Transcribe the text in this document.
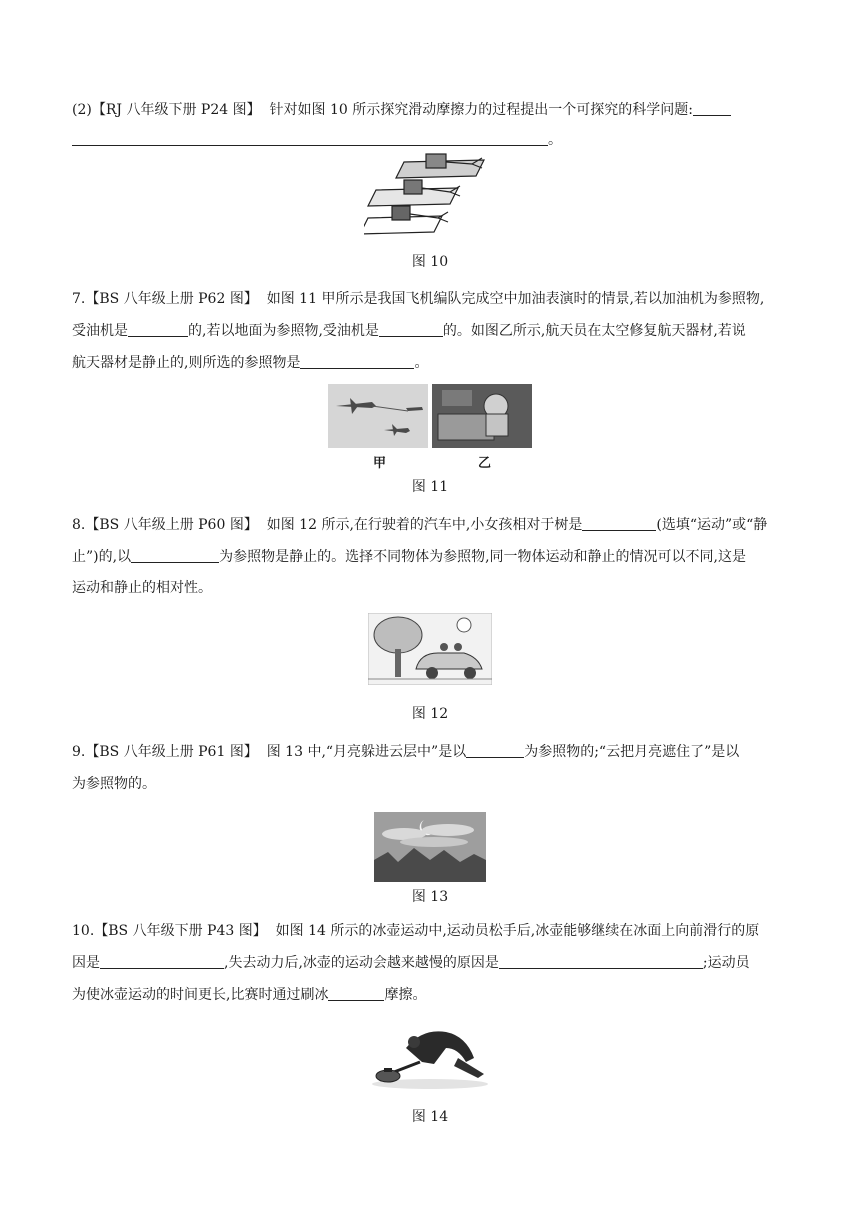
(2)【RJ 八年级下册 P24 图】 针对如图 10 所示探究滑动摩擦力的过程提出一个可探究的科学问题:
。
图 10
7.【BS 八年级上册 P62 图】 如图 11 甲所示是我国飞机编队完成空中加油表演时的情景,若以加油机为参照物,
受油机是	的,若以地面为参照物,受油机是	的。如图乙所示,航天员在太空修复航天器材,若说
航天器材是静止的,则所选的参照物是	。
甲	乙
图 11
8.【BS 八年级上册 P60 图】 如图 12 所示,在行驶着的汽车中,小女孩相对于树是	(选填“运动”或“静
止”)的,以	为参照物是静止的。选择不同物体为参照物,同一物体运动和静止的情况可以不同,这是
运动和静止的相对性。
图 12
9.【BS 八年级上册 P61 图】 图 13 中,“月亮躲进云层中”是以	为参照物的;“云把月亮遮住了”是以
为参照物的。
图 13
10.【BS 八年级下册 P43 图】 如图 14 所示的冰壶运动中,运动员松手后,冰壶能够继续在冰面上向前滑行的原
因是	,失去动力后,冰壶的运动会越来越慢的原因是	;运动员
为使冰壶运动的时间更长,比赛时通过刷冰	摩擦。
图 14
